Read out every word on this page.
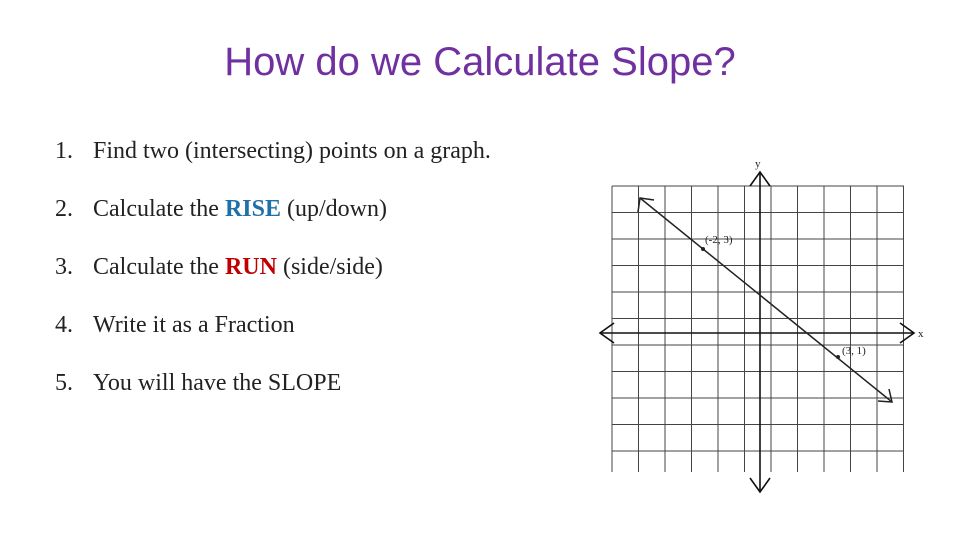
How do we Calculate Slope?
1. Find two (intersecting) points on a graph.
2. Calculate the RISE (up/down)
3. Calculate the RUN (side/side)
4. Write it as a Fraction
5. You will have the SLOPE
y
x
(-2, 3)
(3, 1)
